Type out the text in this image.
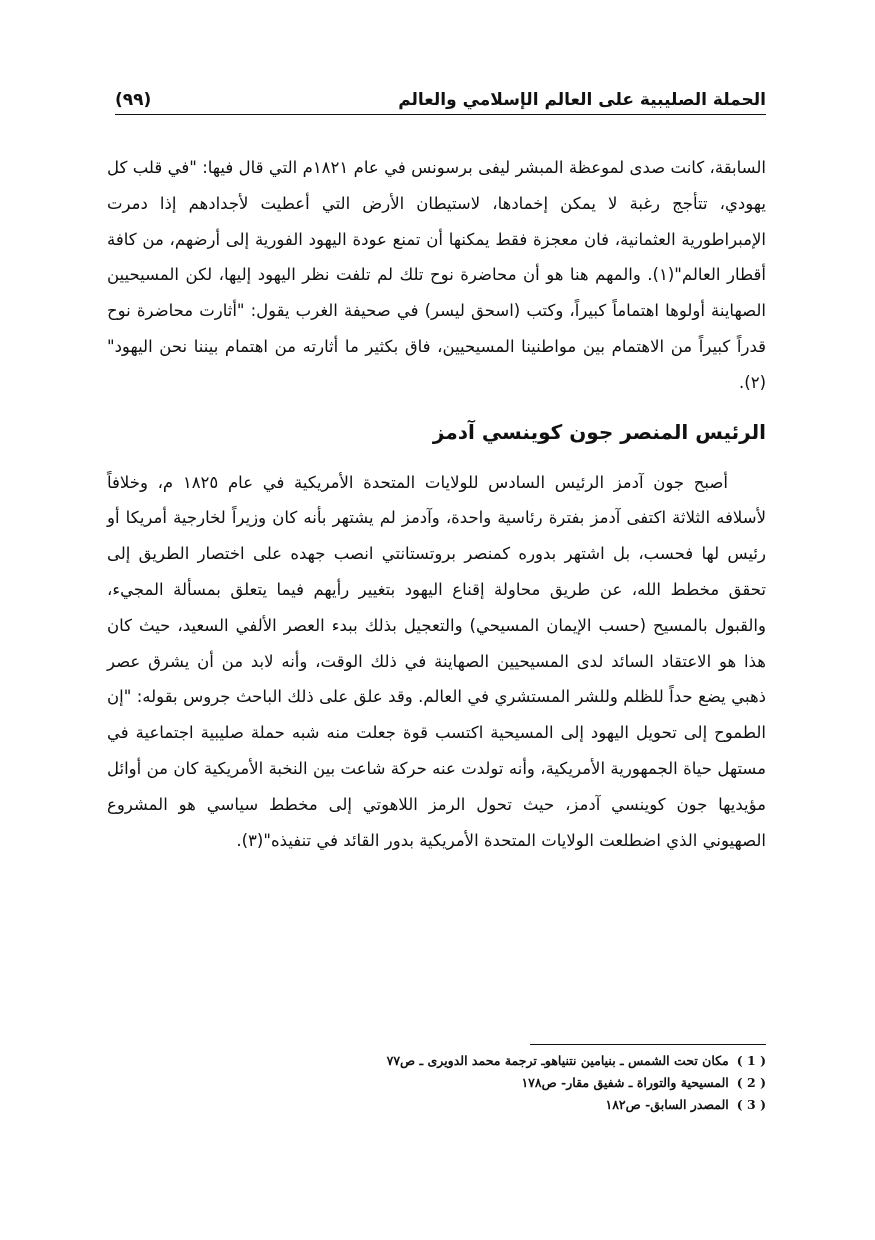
الحملة الصليبية على العالم الإسلامي والعالم
(٩٩)

السابقة، كانت صدى لموعظة المبشر ليفى برسونس في عام ١٨٢١م التي قال فيها: "في قلب كل يهودي، تتأجج رغبة لا يمكن إخمادها، لاستيطان الأرض التي أعطيت لأجدادهم إذا دمرت الإمبراطورية العثمانية، فان معجزة فقط يمكنها أن تمنع عودة اليهود الفورية إلى أرضهم، من كافة أقطار العالم"(١). والمهم هنا هو أن محاضرة نوح تلك لم تلفت نظر اليهود إليها، لكن المسيحيين الصهاينة أولوها اهتماماً كبيراً، وكتب (اسحق ليسر) في صحيفة الغرب يقول: "أثارت محاضرة نوح قدراً كبيراً من الاهتمام بين مواطنينا المسيحيين، فاق بكثير ما أثارته من اهتمام بيننا نحن اليهود"(٢).

الرئيس المنصر جون كوينسي آدمز

أصبح جون آدمز الرئيس السادس للولايات المتحدة الأمريكية في عام ١٨٢٥ م، وخلافاً لأسلافه الثلاثة اكتفى آدمز بفترة رئاسية واحدة، وآدمز لم يشتهر بأنه كان وزيراً لخارجية أمريكا أو رئيس لها فحسب، بل اشتهر بدوره كمنصر بروتستانتي انصب جهده على اختصار الطريق إلى تحقق مخطط الله، عن طريق محاولة إقناع اليهود بتغيير رأيهم فيما يتعلق بمسألة المجيء، والقبول بالمسيح (حسب الإيمان المسيحي) والتعجيل بذلك ببدء العصر الألفي السعيد، حيث كان هذا هو الاعتقاد السائد لدى المسيحيين الصهاينة في ذلك الوقت، وأنه لابد من أن يشرق عصر ذهبي يضع حداً للظلم وللشر المستشري في العالم. وقد علق على ذلك الباحث جروس بقوله: "إن الطموح إلى تحويل اليهود إلى المسيحية اكتسب قوة جعلت منه شبه حملة صليبية اجتماعية في مستهل حياة الجمهورية الأمريكية، وأنه تولدت عنه حركة شاعت بين النخبة الأمريكية كان من أوائل مؤيديها جون كوينسي آدمز، حيث تحول الرمز اللاهوتي إلى مخطط سياسي هو المشروع الصهيوني الذي اضطلعت الولايات المتحدة الأمريكية بدور القائد في تنفيذه"(٣).

( 1 )
مكان تحت الشمس ـ بنيامين نتنياهوـ ترجمة محمد الدويرى ـ ص٧٧
( 2 )
المسيحية والتوراة ـ شفيق مقار- ص١٧٨
( 3 )
المصدر السابق- ص١٨٢
